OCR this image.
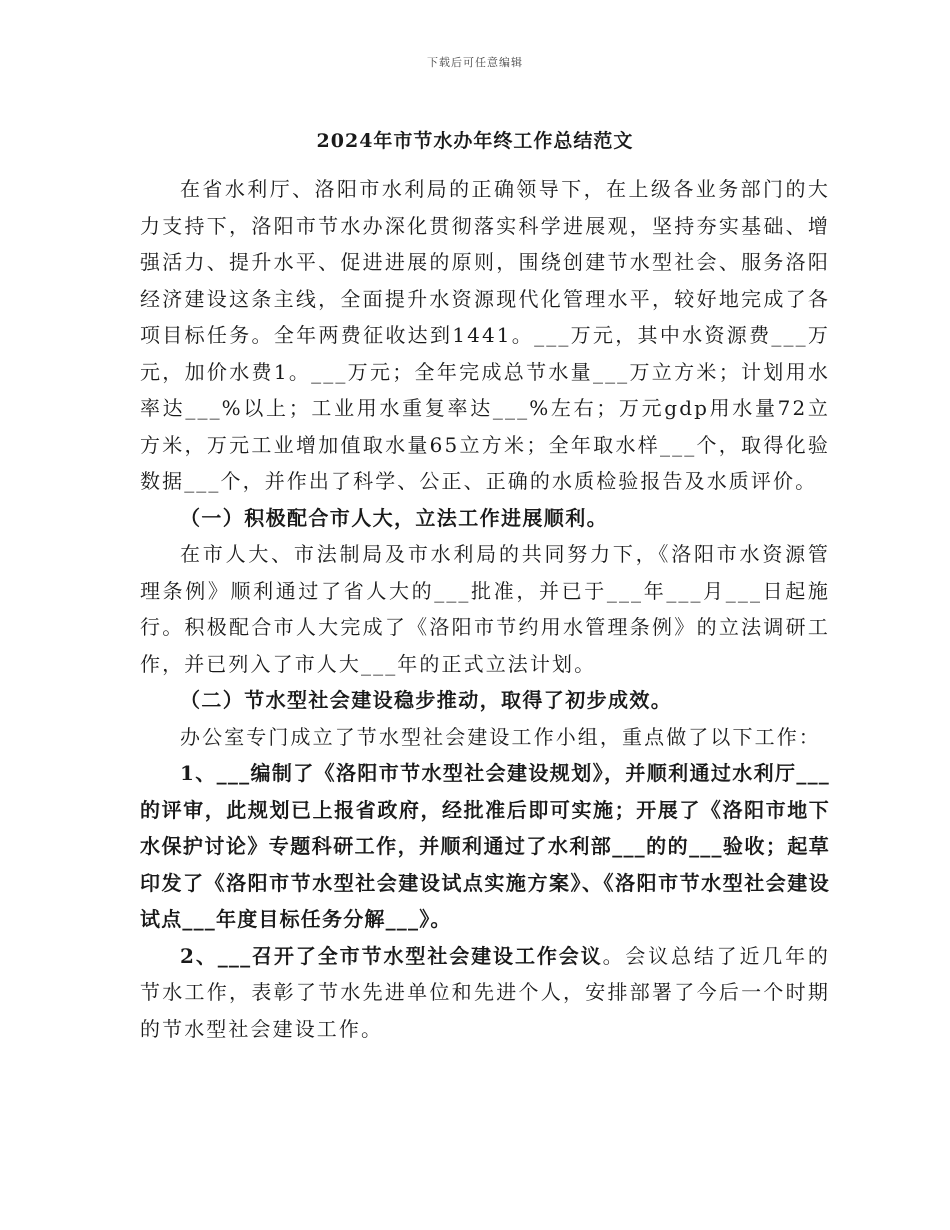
下载后可任意编辑
2024年市节水办年终工作总结范文

在省水利厅、洛阳市水利局的正确领导下，在上级各业务部门的大力支持下，洛阳市节水办深化贯彻落实科学进展观，坚持夯实基础、增强活力、提升水平、促进进展的原则，围绕创建节水型社会、服务洛阳经济建设这条主线，全面提升水资源现代化管理水平，较好地完成了各项目标任务。全年两费征收达到1441。___万元，其中水资源费___万元，加价水费1。___万元；全年完成总节水量___万立方米；计划用水率达___%以上；工业用水重复率达___%左右；万元gdp用水量72立方米，万元工业增加值取水量65立方米；全年取水样___个，取得化验数据___个，并作出了科学、公正、正确的水质检验报告及水质评价。

（一）积极配合市人大，立法工作进展顺利。

在市人大、市法制局及市水利局的共同努力下，《洛阳市水资源管理条例》顺利通过了省人大的___批准，并已于___年___月___日起施行。积极配合市人大完成了《洛阳市节约用水管理条例》的立法调研工作，并已列入了市人大___年的正式立法计划。

（二）节水型社会建设稳步推动，取得了初步成效。

办公室专门成立了节水型社会建设工作小组，重点做了以下工作：

1、___编制了《洛阳市节水型社会建设规划》，并顺利通过水利厅___的评审，此规划已上报省政府，经批准后即可实施；开展了《洛阳市地下水保护讨论》专题科研工作，并顺利通过了水利部___的的___验收；起草印发了《洛阳市节水型社会建设试点实施方案》、《洛阳市节水型社会建设试点___年度目标任务分解___》。

2、___召开了全市节水型社会建设工作会议。会议总结了近几年的节水工作，表彰了节水先进单位和先进个人，安排部署了今后一个时期的节水型社会建设工作。
